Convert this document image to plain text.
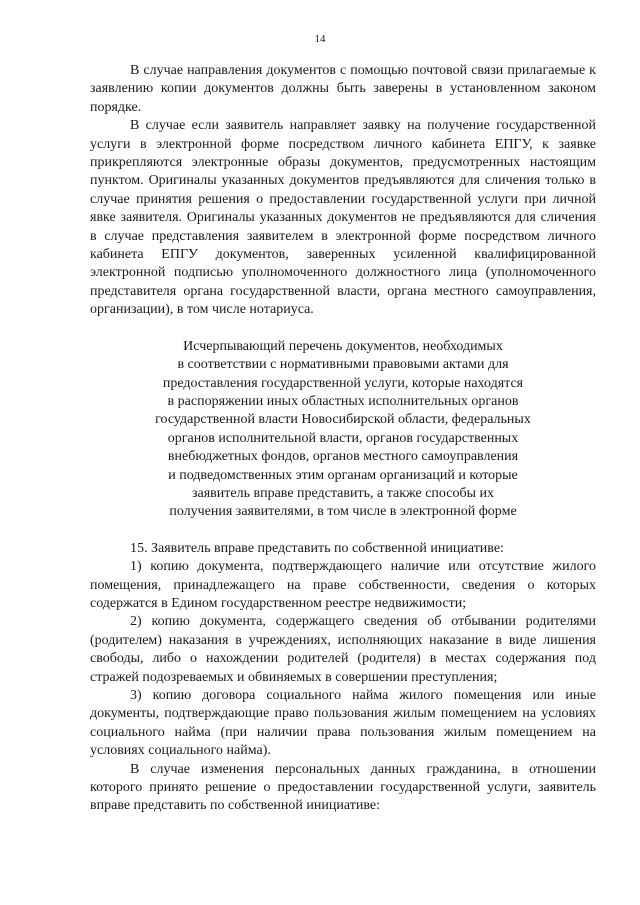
14

В случае направления документов с помощью почтовой связи прилагаемые к заявлению копии документов должны быть заверены в установленном законом порядке.

В случае если заявитель направляет заявку на получение государственной услуги в электронной форме посредством личного кабинета ЕПГУ, к заявке прикрепляются электронные образы документов, предусмотренных настоящим пунктом. Оригиналы указанных документов предъявляются для сличения только в случае принятия решения о предоставлении государственной услуги при личной явке заявителя. Оригиналы указанных документов не предъявляются для сличения в случае представления заявителем в электронной форме посредством личного кабинета ЕПГУ документов, заверенных усиленной квалифицированной электронной подписью уполномоченного должностного лица (уполномоченного представителя органа государственной власти, органа местного самоуправления, организации), в том числе нотариуса.

Исчерпывающий перечень документов, необходимых
в соответствии с нормативными правовыми актами для
предоставления государственной услуги, которые находятся
в распоряжении иных областных исполнительных органов
государственной власти Новосибирской области, федеральных
органов исполнительной власти, органов государственных
внебюджетных фондов, органов местного самоуправления
и подведомственных этим органам организаций и которые
заявитель вправе представить, а также способы их
получения заявителями, в том числе в электронной форме

15. Заявитель вправе представить по собственной инициативе:

1) копию документа, подтверждающего наличие или отсутствие жилого помещения, принадлежащего на праве собственности, сведения о которых содержатся в Едином государственном реестре недвижимости;

2) копию документа, содержащего сведения об отбывании родителями (родителем) наказания в учреждениях, исполняющих наказание в виде лишения свободы, либо о нахождении родителей (родителя) в местах содержания под стражей подозреваемых и обвиняемых в совершении преступления;

3) копию договора социального найма жилого помещения или иные документы, подтверждающие право пользования жилым помещением на условиях социального найма (при наличии права пользования жилым помещением на условиях социального найма).

В случае изменения персональных данных гражданина, в отношении которого принято решение о предоставлении государственной услуги, заявитель вправе представить по собственной инициативе:
